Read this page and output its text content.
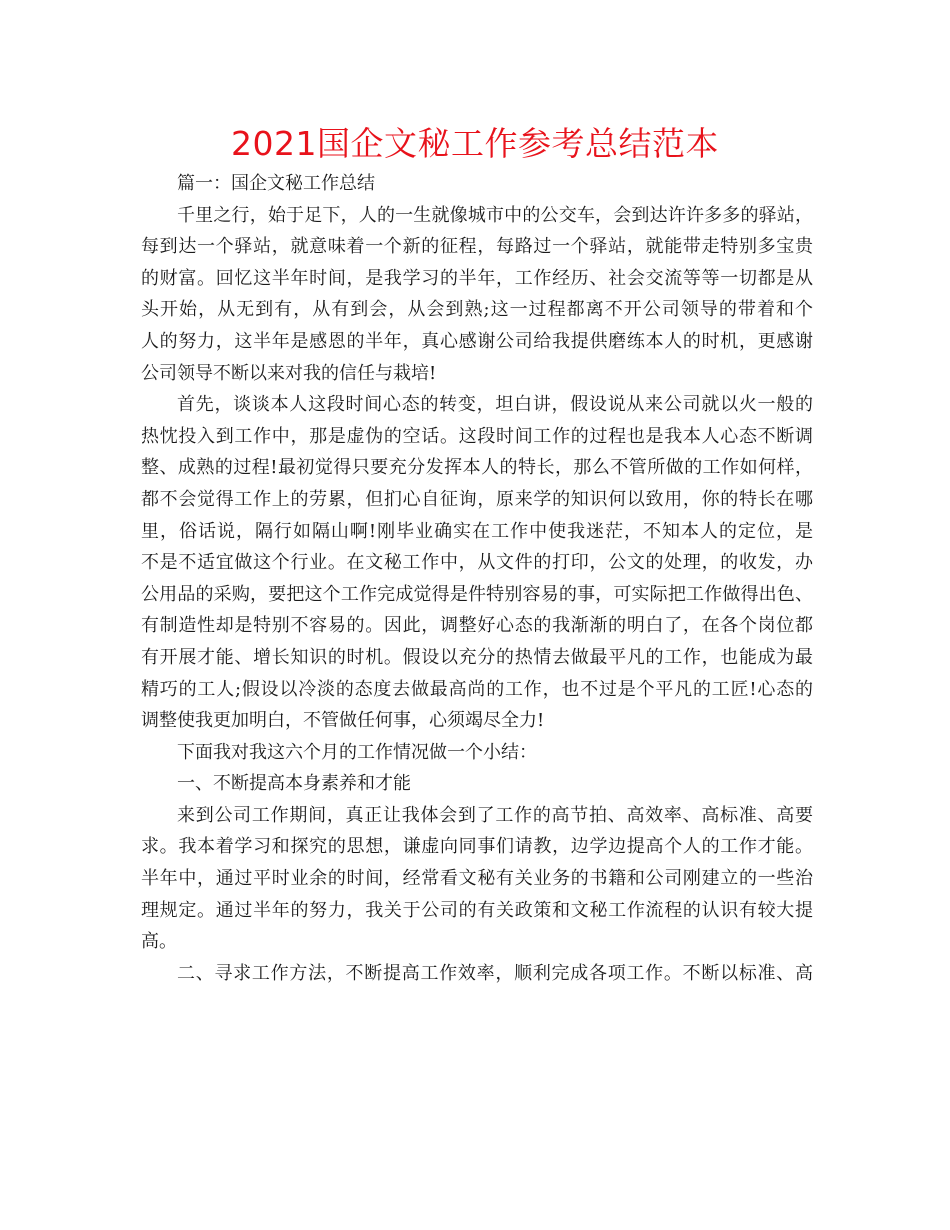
2021国企文秘工作参考总结范本
篇一：国企文秘工作总结
千里之行，始于足下，人的一生就像城市中的公交车，会到达许许多多的驿站，
每到达一个驿站，就意味着一个新的征程，每路过一个驿站，就能带走特别多宝贵
的财富。回忆这半年时间，是我学习的半年，工作经历、社会交流等等一切都是从
头开始，从无到有，从有到会，从会到熟;这一过程都离不开公司领导的带着和个
人的努力，这半年是感恩的半年，真心感谢公司给我提供磨练本人的时机，更感谢
公司领导不断以来对我的信任与栽培!
首先，谈谈本人这段时间心态的转变，坦白讲，假设说从来公司就以火一般的
热忱投入到工作中，那是虚伪的空话。这段时间工作的过程也是我本人心态不断调
整、成熟的过程!最初觉得只要充分发挥本人的特长，那么不管所做的工作如何样，
都不会觉得工作上的劳累，但扪心自征询，原来学的知识何以致用，你的特长在哪
里，俗话说，隔行如隔山啊!刚毕业确实在工作中使我迷茫，不知本人的定位，是
不是不适宜做这个行业。在文秘工作中，从文件的打印，公文的处理，的收发，办
公用品的采购，要把这个工作完成觉得是件特别容易的事，可实际把工作做得出色、
有制造性却是特别不容易的。因此，调整好心态的我渐渐的明白了，在各个岗位都
有开展才能、增长知识的时机。假设以充分的热情去做最平凡的工作，也能成为最
精巧的工人;假设以冷淡的态度去做最高尚的工作，也不过是个平凡的工匠!心态的
调整使我更加明白，不管做任何事，心须竭尽全力!
下面我对我这六个月的工作情况做一个小结：
一、不断提高本身素养和才能
来到公司工作期间，真正让我体会到了工作的高节拍、高效率、高标准、高要
求。我本着学习和探究的思想，谦虚向同事们请教，边学边提高个人的工作才能。
半年中，通过平时业余的时间，经常看文秘有关业务的书籍和公司刚建立的一些治
理规定。通过半年的努力，我关于公司的有关政策和文秘工作流程的认识有较大提
高。
二、寻求工作方法，不断提高工作效率，顺利完成各项工作。不断以标准、高
